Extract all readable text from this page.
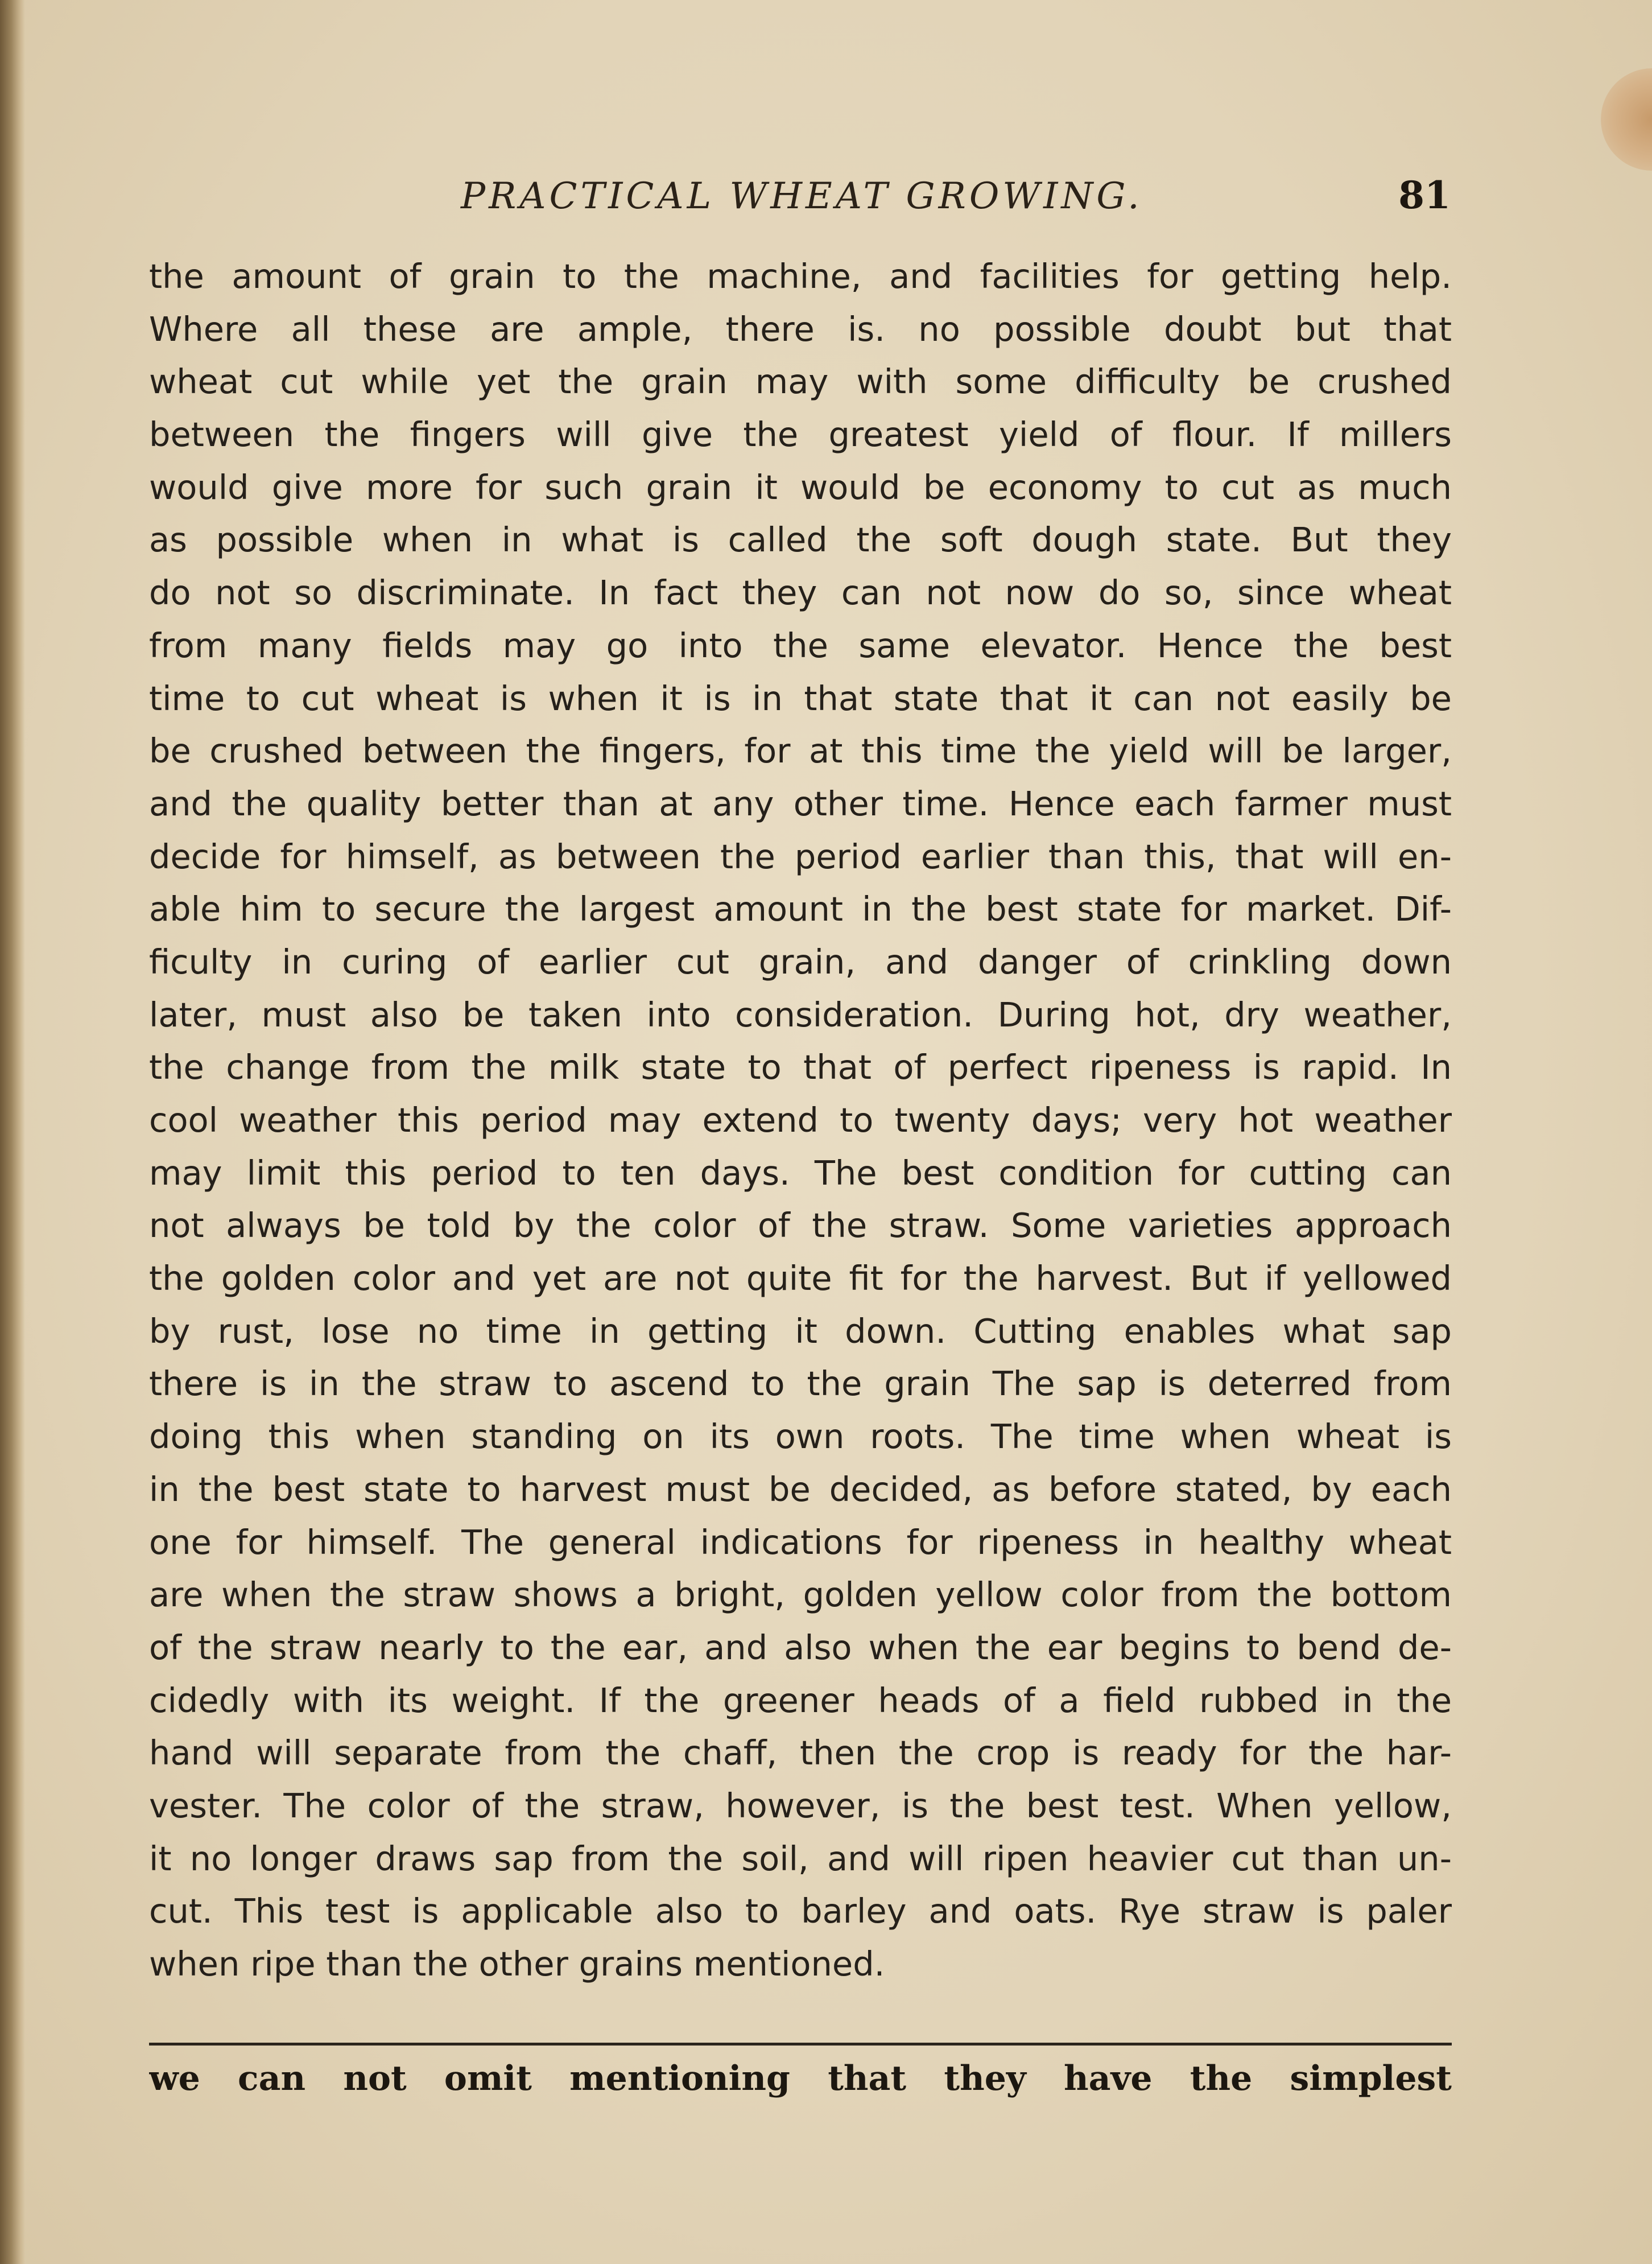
PRACTICAL WHEAT GROWING.	81
the amount of grain to the machine, and facilities for getting help.
Where all these are ample, there is. no possible doubt but that
wheat cut while yet the grain may with some difficulty be crushed
between the fingers will give the greatest yield of flour. If millers
would give more for such grain it would be economy to cut as much
as possible when in what is called the soft dough state. But they
do not so discriminate. In fact they can not now do so, since wheat
from many fields may go into the same elevator. Hence the best
time to cut wheat is when it is in that state that it can not easily be
be crushed between the fingers, for at this time the yield will be larger,
and the quality better than at any other time. Hence each farmer must
decide for himself, as between the period earlier than this, that will en-
able him to secure the largest amount in the best state for market. Dif-
ficulty in curing of earlier cut grain, and danger of crinkling down
later, must also be taken into consideration. During hot, dry weather,
the change from the milk state to that of perfect ripeness is rapid. In
cool weather this period may extend to twenty days; very hot weather
may limit this period to ten days. The best condition for cutting can
not always be told by the color of the straw. Some varieties approach
the golden color and yet are not quite fit for the harvest. But if yellowed
by rust, lose no time in getting it down. Cutting enables what sap
there is in the straw to ascend to the grain The sap is deterred from
doing this when standing on its own roots. The time when wheat is
in the best state to harvest must be decided, as before stated, by each
one for himself. The general indications for ripeness in healthy wheat
are when the straw shows a bright, golden yellow color from the bottom
of the straw nearly to the ear, and also when the ear begins to bend de-
cidedly with its weight. If the greener heads of a field rubbed in the
hand will separate from the chaff, then the crop is ready for the har-
vester. The color of the straw, however, is the best test. When yellow,
it no longer draws sap from the soil, and will ripen heavier cut than un-
cut. This test is applicable also to barley and oats. Rye straw is paler
when ripe than the other grains mentioned.
we can not omit mentioning that they have the simplest
